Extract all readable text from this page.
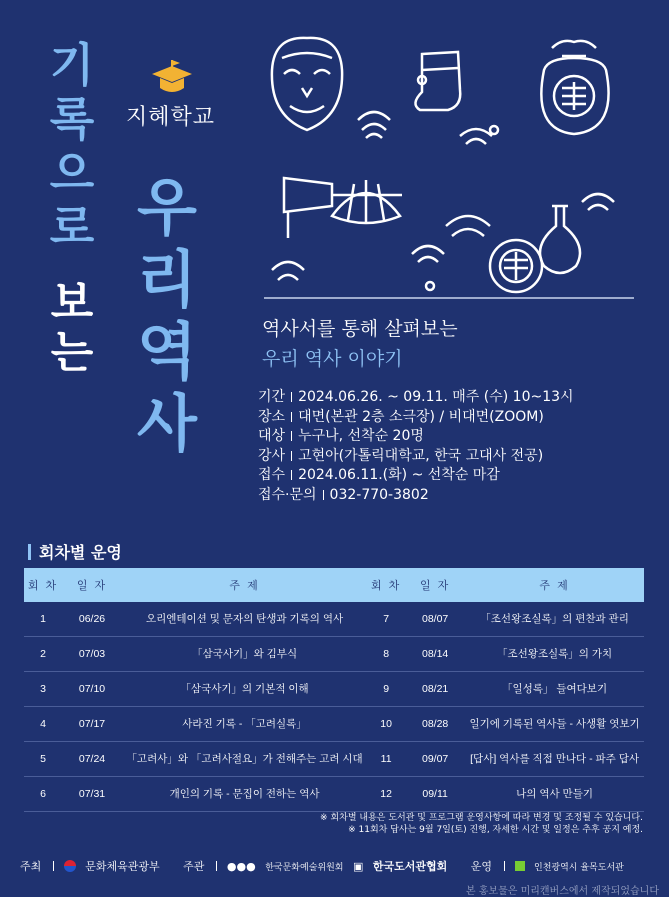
기
록
으
로
보
는
지혜학교
우
리
역
사
역사서를 통해 살펴보는
우리 역사 이야기
기간 2024.06.26. ~ 09.11. 매주 (수) 10~13시
장소 대면(본관 2층 소극장) / 비대면(ZOOM)
대상 누구나, 선착순 20명
강사 고현아(가톨릭대학교, 한국 고대사 전공)
접수 2024.06.11.(화) ~ 선착순 마감
접수·문의 032-770-3802
회차별 운영
회 차	일 자	주 제	회 차	일 자	주 제
1	06/26	오리엔테이션 및 문자의 탄생과 기록의 역사	7	08/07	「조선왕조실록」의 편찬과 관리
2	07/03	「삼국사기」와 김부식	8	08/14	「조선왕조실록」의 가치
3	07/10	「삼국사기」의 기본적 이해	9	08/21	「일성록」 들여다보기
4	07/17	사라진 기록 - 「고려실록」	10	08/28	일기에 기록된 역사들 - 사생활 엿보기
5	07/24	「고려사」와 「고려사절요」가 전해주는 고려 시대	11	09/07	[답사] 역사를 직접 만나다 - 파주 답사
6	07/31	개인의 기록 - 문집이 전하는 역사	12	09/11	나의 역사 만들기
※ 회차별 내용은 도서관 및 프로그램 운영사항에 따라 변경 및 조정될 수 있습니다.
※ 11회차 답사는 9월 7일(토) 진행, 자세한 시간 및 일정은 추후 공지 예정.
주최	문화체육관광부 주관 ●●● 한국문화예술위원회 ▣ 한국도서관협회 운영	인천광역시 율목도서관
본 홍보물은 미리캔버스에서 제작되었습니다
